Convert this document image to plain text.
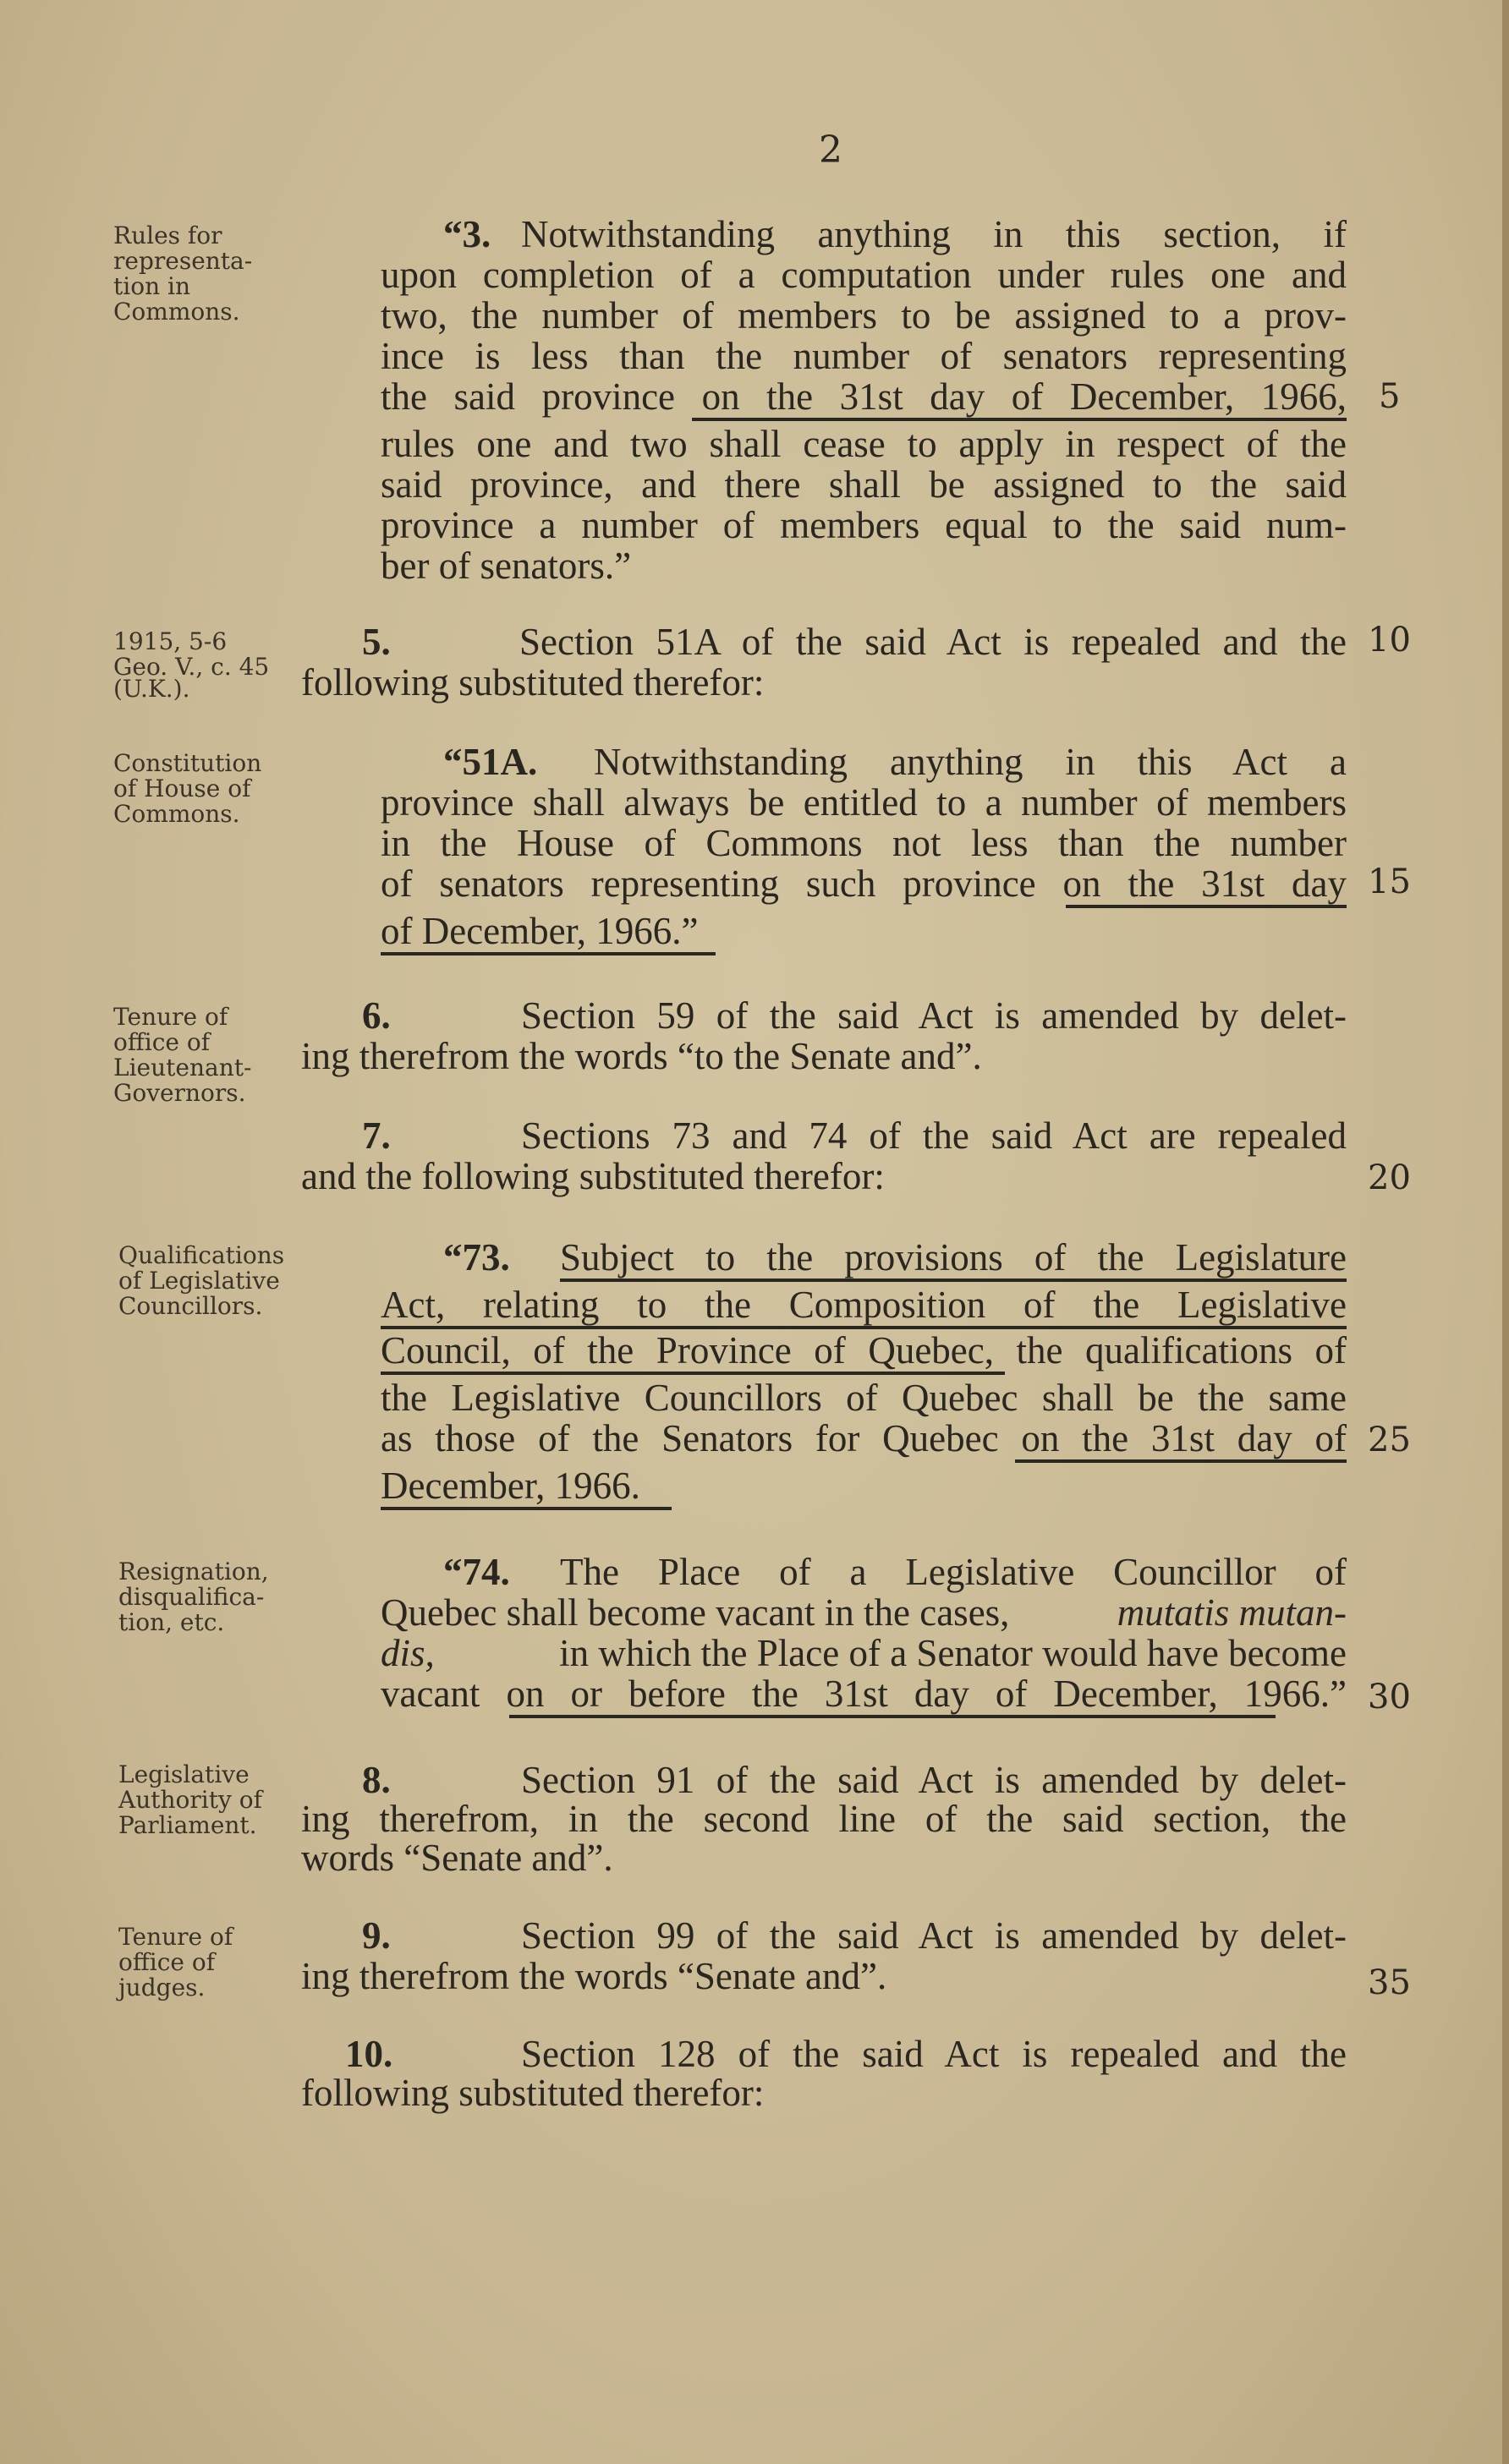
2
Rules for representa- tion in Commons.
1915, 5-6
Geo. V., c. 45
(U.K.).
Constitution of House of Commons.
Tenure of office of Lieutenant- Governors.
Qualifications of Legislative Councillors.
Resignation, disqualifica- tion, etc.
Legislative Authority of Parliament.
Tenure of office of judges.
5
10
15
20
25
30
35
“3. Notwithstanding anything in this section, if
upon completion of a computation under rules one and
two, the number of members to be assigned to a prov-
ince is less than the number of senators representing
the said province on the 31st day of December, 1966,
rules one and two shall cease to apply in respect of the
said province, and there shall be assigned to the said
province a number of members equal to the said num-
ber of senators.”
5.	Section 51A of the said Act is repealed and the
following substituted therefor:
“51A. Notwithstanding anything in this Act a
province shall always be entitled to a number of members
in the House of Commons not less than the number
of senators representing such province on the 31st day
of December, 1966.”
6.	Section 59 of the said Act is amended by delet-
ing therefrom the words “to the Senate and”.
7.	Sections 73 and 74 of the said Act are repealed
and the following substituted therefor:
“73. Subject to the provisions of the Legislature
Act, relating to the Composition of the Legislative
Council, of the Province of Quebec, the qualifications of
the Legislative Councillors of Quebec shall be the same
as those of the Senators for Quebec on the 31st day of
December, 1966.
“74. The Place of a Legislative Councillor of
Quebec shall become vacant in the cases,	mutatis mutan-
dis,	in which the Place of a Senator would have become
vacant on or before the 31st day of December, 1966.”
8.	Section 91 of the said Act is amended by delet-
ing therefrom, in the second line of the said section, the
words “Senate and”.
9.	Section 99 of the said Act is amended by delet-
ing therefrom the words “Senate and”.
10.	Section 128 of the said Act is repealed and the
following substituted therefor:
